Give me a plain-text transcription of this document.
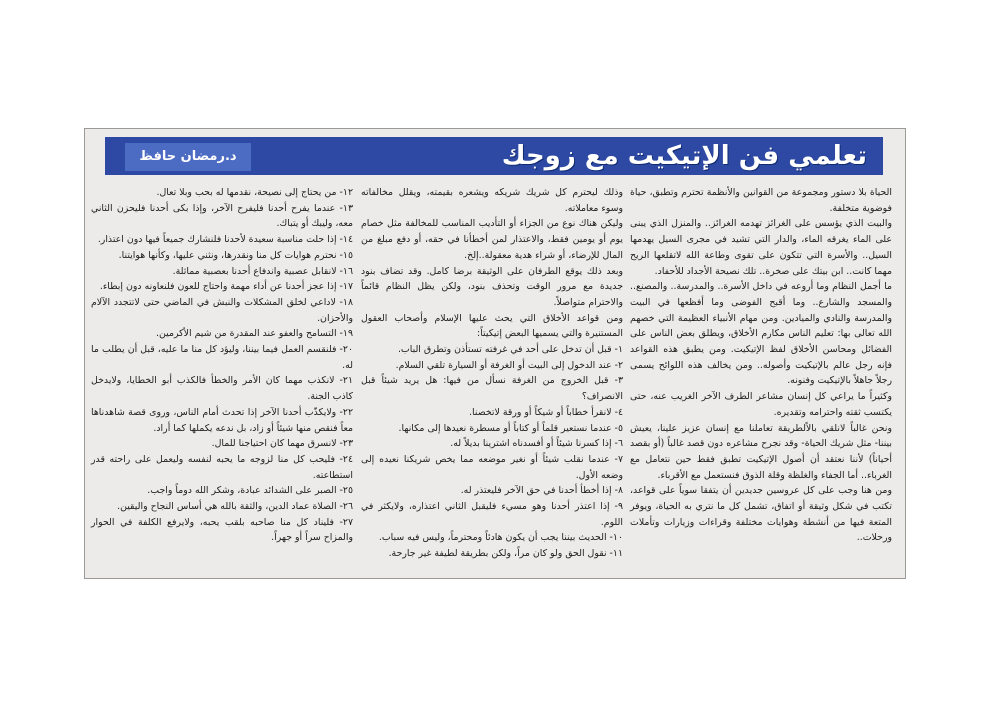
د.رمضان حافظ	تعلمي فن الإتيكيت مع زوجك

الحياة بلا دستور ومجموعة من القوانين والأنظمة تحترم وتطبق، حياة فوضوية متخلفة.

والبيت الذي يؤسس على الغرائز تهدمه الغرائز.. والمنزل الذي يبنى على الماء يغرقه الماء، والدار التي تشيد في مجرى السيل يهدمها السيل.. والأسرة التي تتكون على تقوى وطاعة الله لاتقلعها الريح مهما كانت.. ابن بيتك على صخرة.. تلك نصيحة الأجداد للأحفاد.

ما أجمل النظام وما أروعه في داخل الأسرة.. والمدرسة.. والمصنع.. والمسجد والشارع.. وما أقبح الفوضى وما أفظعها في البيت والمدرسة والنادي والميادين. ومن مهام الأنبياء العظيمة التي خصهم الله تعالى بها: تعليم الناس مكارم الأخلاق، ويطلق بعض الناس على الفضائل ومحاسن الأخلاق لفظ الإتيكيت. ومن يطبق هذه القواعد فإنه رجل عالم بالإتيكيت وأصوله.. ومن يخالف هذه اللوائح يسمى رجلاً جاهلاً بالإتيكيت وفنونه.

وكثيراً ما يراعي كل إنسان مشاعر الطرف الآخر الغريب عنه، حتى يكتسب ثقته واحترامه وتقديره.

ونحن غالباً لانلقي بالاًلطريقة تعاملنا مع إنسان عزيز علينا، يعيش بيننا- مثل شريك الحياة- وقد نجرح مشاعره دون قصد غالباً (أو بقصد أحياناً) لأننا نعتقد أن أصول الإتيكيت تطبق فقط حين نتعامل مع الغرباء.. أما الجفاء والغلظة وقلة الذوق فنستعمل مع الأقرباء.

ومن هنا وجب على كل عروسين جديدين أن يتفقا سوياً على قواعد، تكتب في شكل وثيقة أو اتفاق، تشمل كل ما نتري به الحياة، ويوفر المتعة فيها من أنشطة وهوايات مختلفة وقراءات وزيارات وتأملات ورحلات..

وذلك ليحترم كل شريك شريكه ويشعره بقيمته، ويقلل مخالفاته وسوء معاملاته.

وليكن هناك نوع من الجزاء أو التأديب المناسب للمخالفة مثل خصام يوم أو يومين فقط، والاعتذار لمن أخطأنا في حقه، أو دفع مبلغ من المال للإرضاء، أو شراء هدية معقولة..إلخ.

وبعد ذلك يوقع الطرفان على الوثيقة برضا كامل. وقد تضاف بنود جديدة مع مرور الوقت وتحذف بنود، ولكن يظل النظام قائماً والاحترام متواصلاً.

ومن قواعد الأخلاق التي يحث عليها الإسلام وأصحاب العقول المستنيرة والتي يسميها البعض إتيكيتاً:

١- قبل أن تدخل على أحد في غرفته تستأذن وتطرق الباب.

٢- عند الدخول إلى البيت أو الغرفة أو السيارة تلقي السلام.

٣- قبل الخروج من الغرفة نسأل من فيها: هل يريد شيئاً قبل الانصراف؟

٤- لانقرأ خطاباً أو شيكاً أو ورقة لاتخصنا.

٥- عندما نستعير قلماً أو كتاباً أو مسطرة نعيدها إلى مكانها.

٦- إذا كسرنا شيئاً أو أفسدناه اشترينا بديلاً له.

٧- عندما نقلب شيئاً أو نغير موضعه مما يخص شريكنا نعيده إلى وضعه الأول.

٨- إذا أخطأ أحدنا في حق الآخر فليعتذر له.

٩- إذا اعتذر أحدنا وهو مسيء فليقبل الثاني اعتذاره، ولايكثر في اللوم.

١٠- الحديث بيننا يجب أن يكون هادئاً ومحترماً، وليس فيه سباب.

١١- نقول الحق ولو كان مراً، ولكن بطريقة لطيفة غير جارحة.

١٢- من يحتاج إلى نصيحة، نقدمها له بحب وبلا تعال.

١٣- عندما يفرح أحدنا فليفرح الآخر، وإذا بكى أحدنا فليحزن الثاني معه، وليبك أو يتباك.

١٤- إذا حلت مناسبة سعيدة لأحدنا فلنشارك جميعاً فيها دون اعتذار.

١٥- نحترم هوايات كل منا ونقدرها، ونثني عليها، وكأنها هوايتنا.

١٦- لانقابل عصبية واندفاع أحدنا بعصبية مماثلة.

١٧- إذا عجز أحدنا عن أداء مهمة واحتاج للعون فلنعاونه دون إبطاء.

١٨- لاداعي لخلق المشكلات والنبش في الماضي حتى لاتتجدد الآلام والأحزان.

١٩- التسامح والعفو عند المقدرة من شيم الأكرمين.

٢٠- فلنقسم العمل فيما بيننا، وليؤد كل منا ما عليه، قبل أن يطلب ما له.

٢١- لانكذب مهما كان الأمر والخطأ فالكذب أبو الخطايا، ولايدخل كاذب الجنة.

٢٢- ولايكذّب أحدنا الآخر إذا تحدث أمام الناس، وروى قصة شاهدناها معاً فنقص منها شيئاً أو زاد، بل ندعه يكملها كما أراد.

٢٣- لانسرق مهما كان احتياجنا للمال.

٢٤- فليحب كل منا لزوجه ما يحبه لنفسه وليعمل على راحته قدر استطاعته.

٢٥- الصبر على الشدائد عبادة، وشكر الله دوماً واجب.

٢٦- الصلاة عماد الدين، والثقة بالله هي أساس النجاح واليقين.

٢٧- فليناد كل منا صاحبه بلقب يحبه، ولايرفع الكلفة في الحوار والمزاح سراً أو جهراً.
